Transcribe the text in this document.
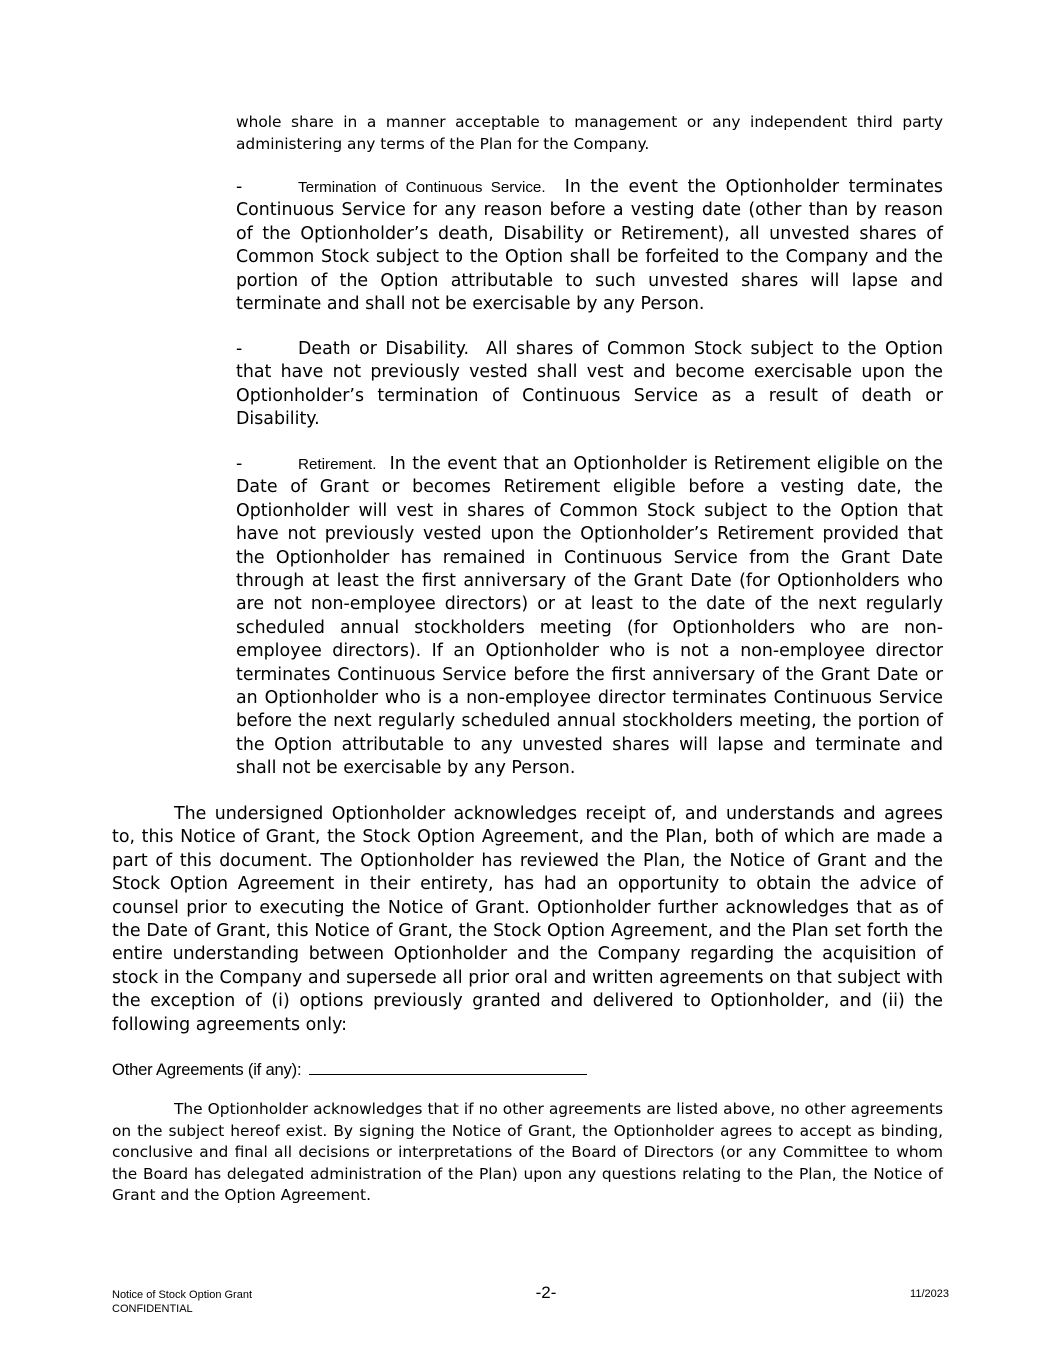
whole share in a manner acceptable to management or any independent third party administering any terms of the Plan for the Company.

-	Termination of Continuous Service. In the event the Optionholder terminates Continuous Service for any reason before a vesting date (other than by reason of the Optionholder’s death, Disability or Retirement), all unvested shares of Common Stock subject to the Option shall be forfeited to the Company and the portion of the Option attributable to such unvested shares will lapse and terminate and shall not be exercisable by any Person.

-	Death or Disability. All shares of Common Stock subject to the Option that have not previously vested shall vest and become exercisable upon the Optionholder’s termination of Continuous Service as a result of death or Disability.

-	Retirement. In the event that an Optionholder is Retirement eligible on the Date of Grant or becomes Retirement eligible before a vesting date, the Optionholder will vest in shares of Common Stock subject to the Option that have not previously vested upon the Optionholder’s Retirement provided that the Optionholder has remained in Continuous Service from the Grant Date through at least the first anniversary of the Grant Date (for Optionholders who are not non-employee directors) or at least to the date of the next regularly scheduled annual stockholders meeting (for Optionholders who are non-employee directors). If an Optionholder who is not a non-employee director terminates Continuous Service before the first anniversary of the Grant Date or an Optionholder who is a non-employee director terminates Continuous Service before the next regularly scheduled annual stockholders meeting, the portion of the Option attributable to any unvested shares will lapse and terminate and shall not be exercisable by any Person.

The undersigned Optionholder acknowledges receipt of, and understands and agrees to, this Notice of Grant, the Stock Option Agreement, and the Plan, both of which are made a part of this document. The Optionholder has reviewed the Plan, the Notice of Grant and the Stock Option Agreement in their entirety, has had an opportunity to obtain the advice of counsel prior to executing the Notice of Grant. Optionholder further acknowledges that as of the Date of Grant, this Notice of Grant, the Stock Option Agreement, and the Plan set forth the entire understanding between Optionholder and the Company regarding the acquisition of stock in the Company and supersede all prior oral and written agreements on that subject with the exception of (i) options previously granted and delivered to Optionholder, and (ii) the following agreements only:

Other Agreements (if any):

The Optionholder acknowledges that if no other agreements are listed above, no other agreements on the subject hereof exist. By signing the Notice of Grant, the Optionholder agrees to accept as binding, conclusive and final all decisions or interpretations of the Board of Directors (or any Committee to whom the Board has delegated administration of the Plan) upon any questions relating to the Plan, the Notice of Grant and the Option Agreement.

Notice of Stock Option Grant
CONFIDENTIAL
-2-	11/2023
